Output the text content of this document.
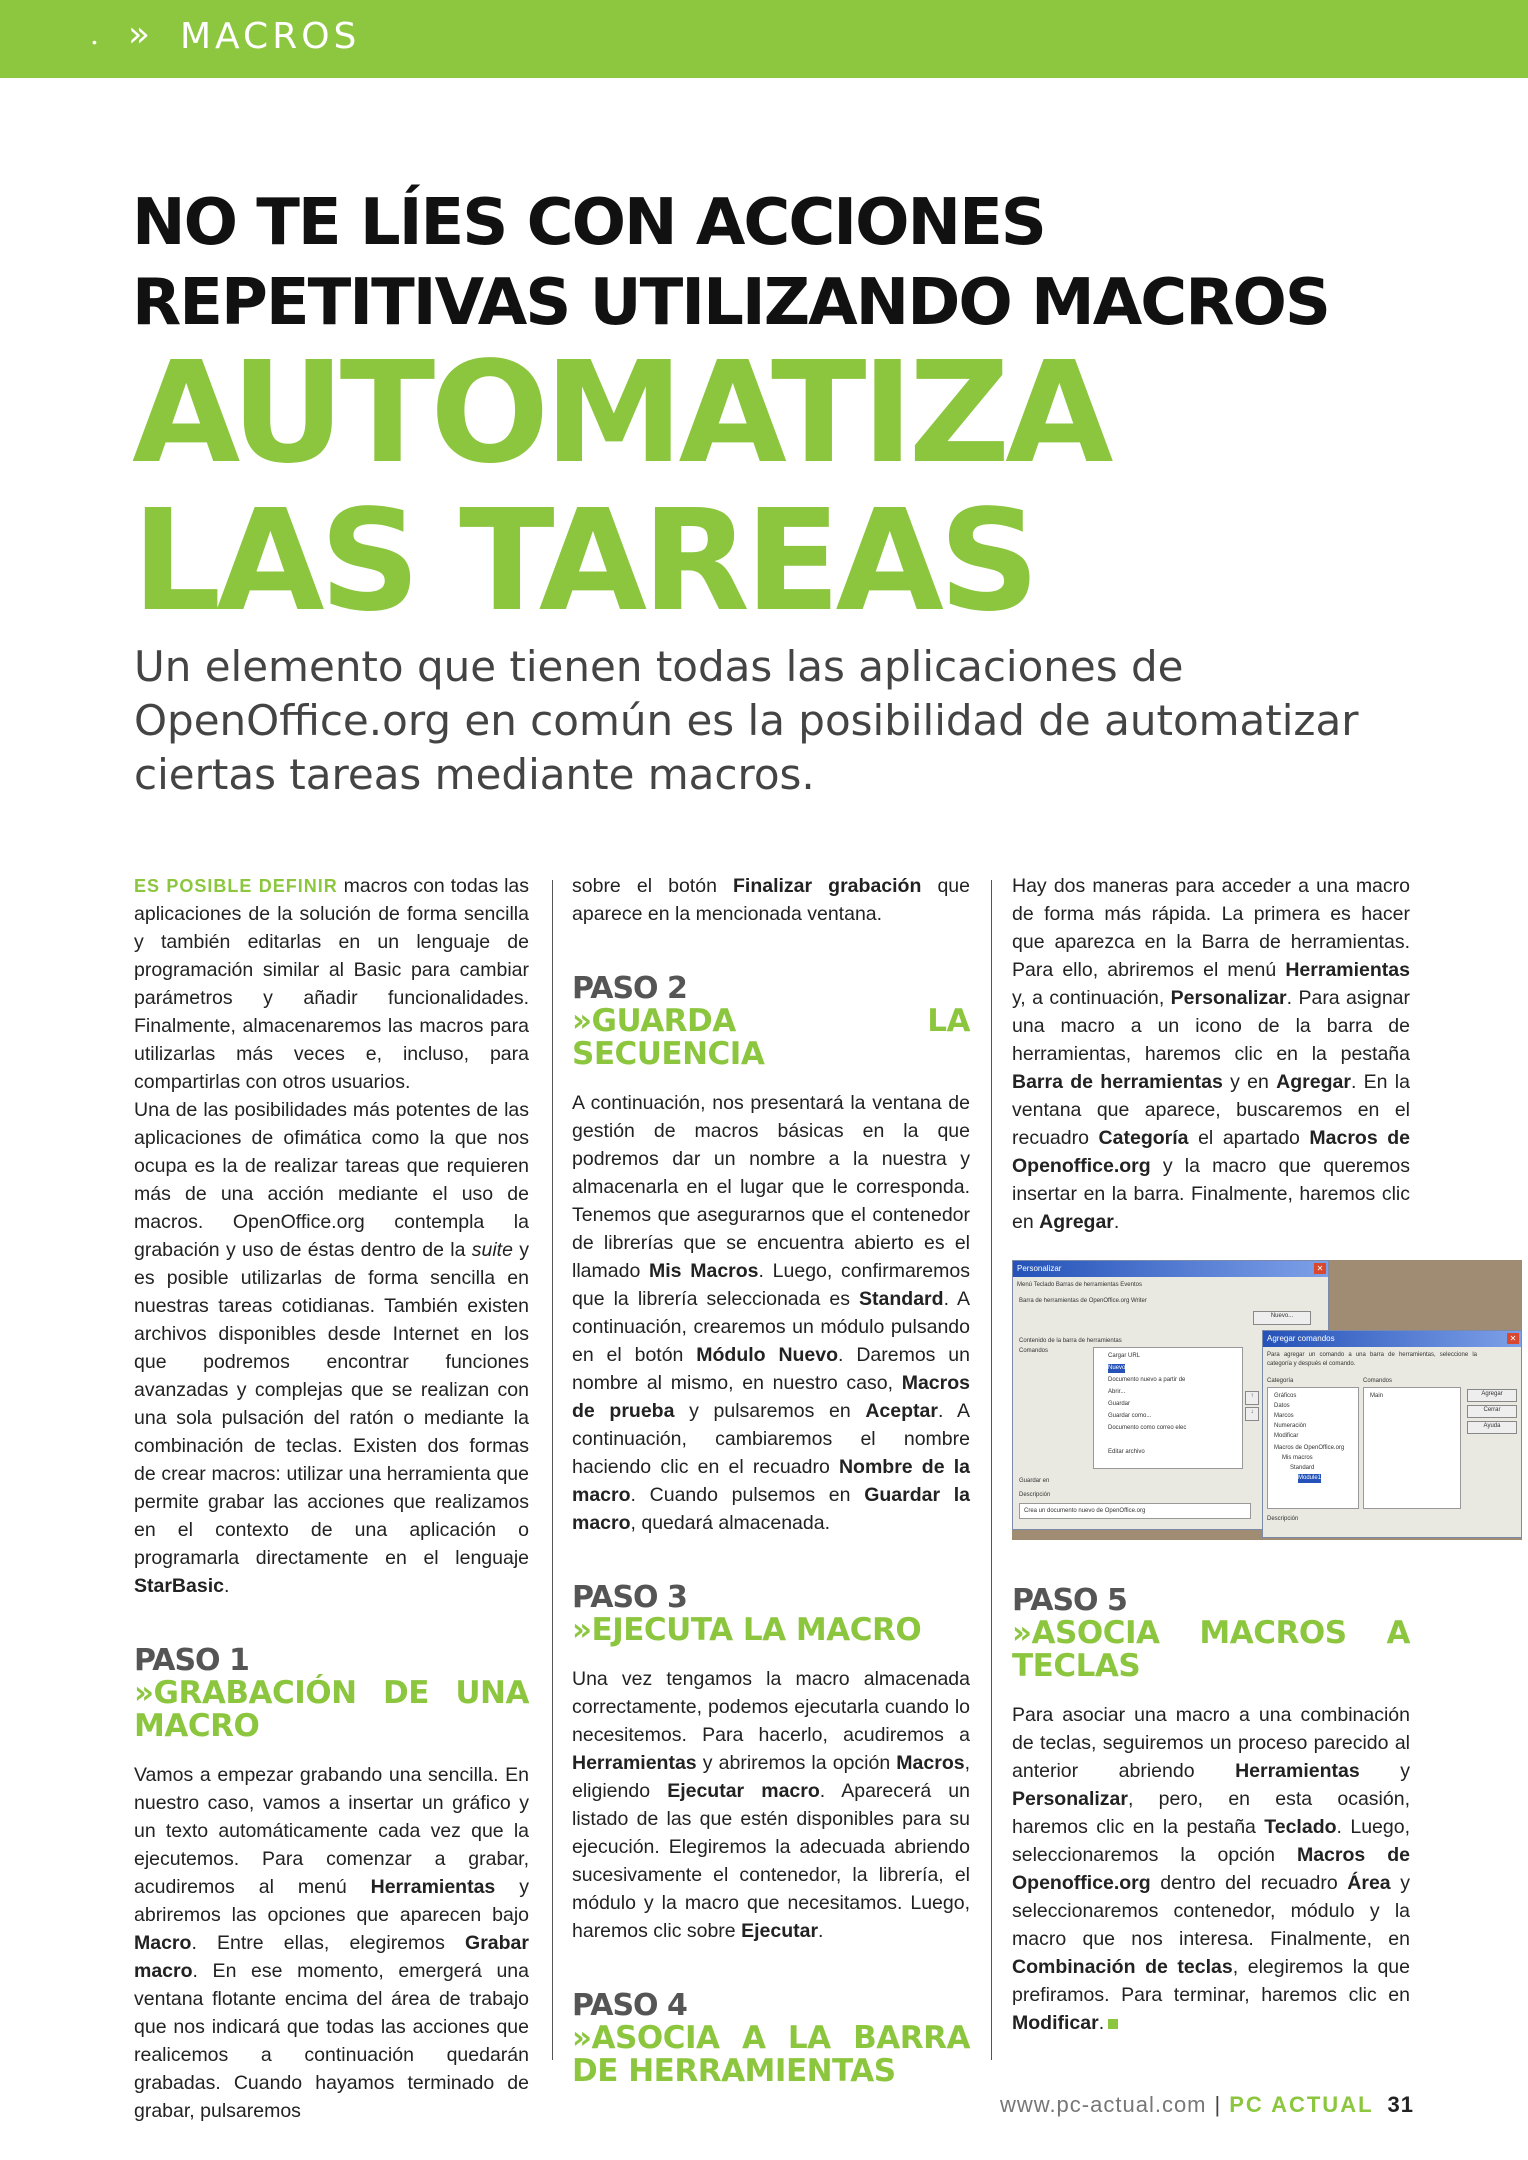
• » MACROS
NO TE LÍES CON ACCIONES
REPETITIVAS UTILIZANDO MACROS
AUTOMATIZA
LAS TAREAS
Un elemento que tienen todas las aplicaciones de OpenOffice.org en común es la posibilidad de automatizar ciertas tareas mediante macros.

ES POSIBLE DEFINIR macros con todas las aplicaciones de la solución de forma sencilla y también editarlas en un lenguaje de programación similar al Basic para cambiar parámetros y añadir funcionalidades. Finalmente, almacenaremos las macros para utilizarlas más veces e, incluso, para compartirlas con otros usuarios.

Una de las posibilidades más potentes de las aplicaciones de ofimática como la que nos ocupa es la de realizar tareas que requieren más de una acción mediante el uso de macros. OpenOffice.org contempla la grabación y uso de éstas dentro de la suite y es posible utilizarlas de forma sencilla en nuestras tareas cotidianas. También existen archivos disponibles desde Internet en los que podremos encontrar funciones avanzadas y complejas que se realizan con una sola pulsación del ratón o mediante la combinación de teclas. Existen dos formas de crear macros: utilizar una herramienta que permite grabar las acciones que realizamos en el contexto de una aplicación o programarla directamente en el lenguaje StarBasic.

PASO 1
»GRABACIÓN DE UNA MACRO

Vamos a empezar grabando una sencilla. En nuestro caso, vamos a insertar un gráfico y un texto automáticamente cada vez que la ejecutemos. Para comenzar a grabar, acudiremos al menú Herramientas y abriremos las opciones que aparecen bajo Macro. Entre ellas, elegiremos Grabar macro. En ese momento, emergerá una ventana flotante encima del área de trabajo que nos indicará que todas las acciones que realicemos a continuación quedarán grabadas. Cuando hayamos terminado de grabar, pulsaremos

sobre el botón Finalizar grabación que aparece en la mencionada ventana.

PASO 2
»GUARDA LA SECUENCIA

A continuación, nos presentará la ventana de gestión de macros básicas en la que podremos dar un nombre a la nuestra y almacenarla en el lugar que le corresponda. Tenemos que asegurarnos que el contenedor de librerías que se encuentra abierto es el llamado Mis Macros. Luego, confirmaremos que la librería seleccionada es Standard. A continuación, crearemos un módulo pulsando en el botón Módulo Nuevo. Daremos un nombre al mismo, en nuestro caso, Macros de prueba y pulsaremos en Aceptar. A continuación, cambiaremos el nombre haciendo clic en el recuadro Nombre de la macro. Cuando pulsemos en Guardar la macro, quedará almacenada.

PASO 3
»EJECUTA LA MACRO

Una vez tengamos la macro almacenada correctamente, podemos ejecutarla cuando lo necesitemos. Para hacerlo, acudiremos a Herramientas y abriremos la opción Macros, eligiendo Ejecutar macro. Aparecerá un listado de las que estén disponibles para su ejecución. Elegiremos la adecuada abriendo sucesivamente el contenedor, la librería, el módulo y la macro que necesitamos. Luego, haremos clic sobre Ejecutar.

PASO 4
»ASOCIA A LA BARRA DE HERRAMIENTAS

Hay dos maneras para acceder a una macro de forma más rápida. La primera es hacer que aparezca en la Barra de herramientas. Para ello, abriremos el menú Herramientas y, a continuación, Personalizar. Para asignar una macro a un icono de la barra de herramientas, haremos clic en la pestaña Barra de herramientas y en Agregar. En la ventana que aparece, buscaremos en el recuadro Categoría el apartado Macros de Openoffice.org y la macro que queremos insertar en la barra. Finalmente, haremos clic en Agregar.

Personalizar	✕
Menú Teclado Barras de herramientas Eventos
Barra de herramientas de OpenOffice.org Writer
Nuevo...
Contenido de la barra de herramientas
Comandos
Cargar URL
Nuevo
Documento nuevo a partir de
Abrir...
Guardar
Guardar como...
Documento como correo elec
Editar archivo
↑
↓
Guardar en
Descripción
Crea un documento nuevo de OpenOffice.org
Agregar comandos	✕
Para agregar un comando a una barra de herramientas, seleccione la categoría y después el comando.
Categoría	Comandos
Gráficos
Datos
Marcos
Numeración
Modificar
Macros de OpenOffice.org
Mis macros
Standard
Module1
Main	Agregar
Cerrar
Ayuda
Descripción
PASO 5
»ASOCIA MACROS A TECLAS

Para asociar una macro a una combinación de teclas, seguiremos un proceso parecido al anterior abriendo Herramientas y Personalizar, pero, en esta ocasión, haremos clic en la pestaña Teclado. Luego, seleccionaremos la opción Macros de Openoffice.org dentro del recuadro Área y seleccionaremos contenedor, módulo y la macro que nos interesa. Finalmente, en Combinación de teclas, elegiremos la que prefiramos. Para terminar, haremos clic en Modificar.

www.pc-actual.com | PC ACTUAL 31
